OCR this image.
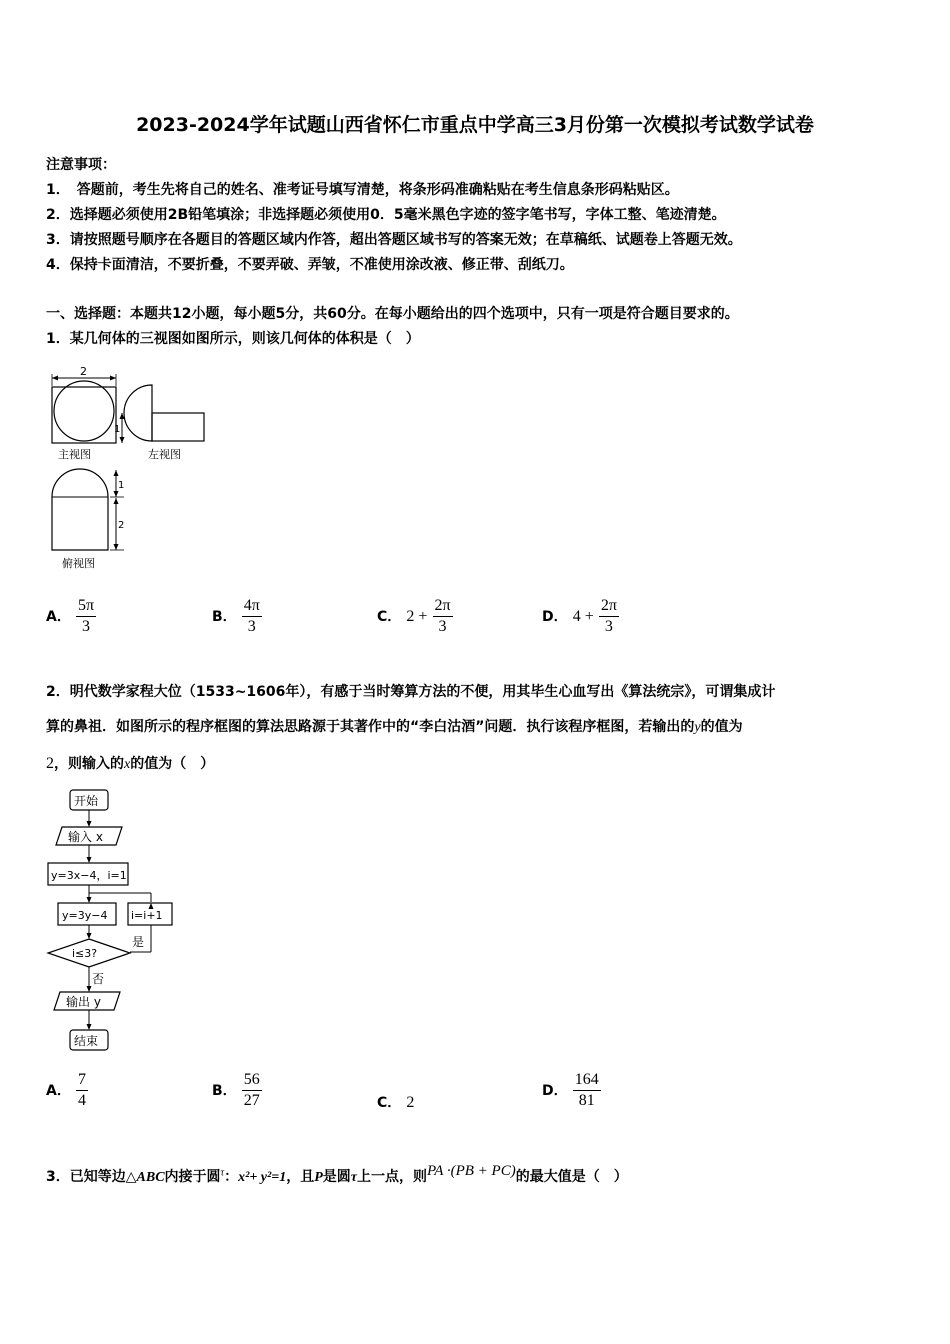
2023-2024学年试题山西省怀仁市重点中学高三3月份第一次模拟考试数学试卷
注意事项：
1．　答题前，考生先将自己的姓名、准考证号填写清楚，将条形码准确粘贴在考生信息条形码粘贴区。
2．选择题必须使用2B铅笔填涂；非选择题必须使用0．5毫米黑色字迹的签字笔书写，字体工整、笔迹清楚。
3．请按照题号顺序在各题目的答题区域内作答，超出答题区域书写的答案无效；在草稿纸、试题卷上答题无效。
4．保持卡面清洁，不要折叠，不要弄破、弄皱，不准使用涂改液、修正带、刮纸刀。
一、选择题：本题共12小题，每小题5分，共60分。在每小题给出的四个选项中，只有一项是符合题目要求的。
1．某几何体的三视图如图所示，则该几何体的体积是（　）
2
主视图
1
左视图
1
2
俯视图
A． $\frac{5\pi}{3}$	B． $\frac{4\pi}{3}$	C． $2 + \frac{2\pi}{3}$	D． $4 + \frac{2\pi}{3}$
2．明代数学家程大位（1533~1606年），有感于当时筹算方法的不便，用其毕生心血写出《算法统宗》，可谓集成计
算的鼻祖．如图所示的程序框图的算法思路源于其著作中的“李白沽酒”问题．执行该程序框图，若输出的y的值为
2，则输入的x的值为（　）
开始
输入 x
y=3x−4，i=1
y=3y−4 i=i+1
是
i≤3?
否
输出 y
结束
A． $\frac{7}{4}$	B． $\frac{56}{27}$	C． 2
D． $\frac{164}{81}$
3．已知等边△ABC内接于圆$^\tau$：x²+ y²=1，且P是圆τ上一点，则PA ·(PB + PC)的最大值是（　）
